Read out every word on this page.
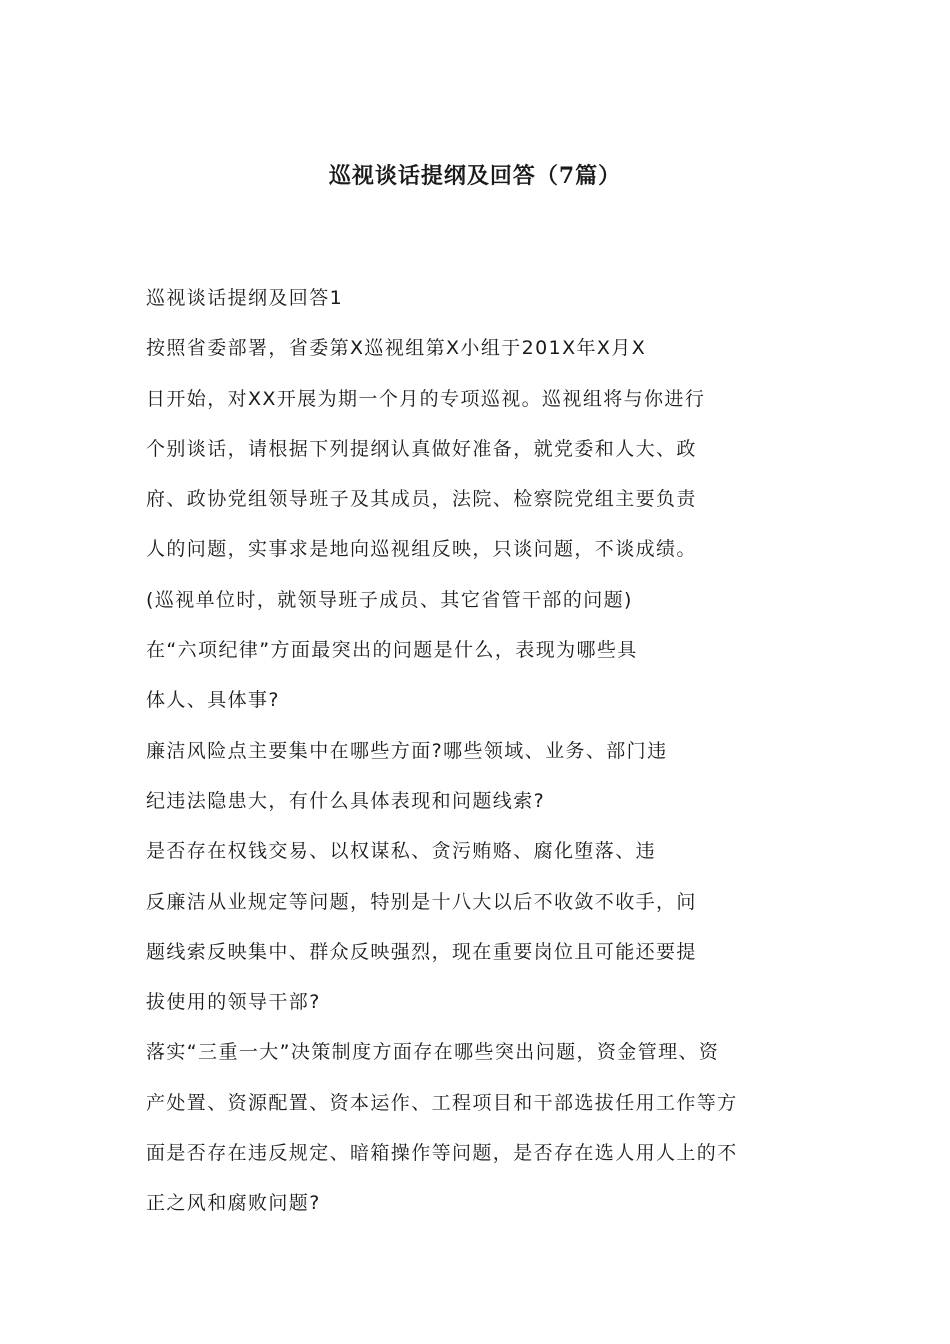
巡视谈话提纲及回答（7篇）
巡视谈话提纲及回答1
按照省委部署，省委第X巡视组第X小组于201X年X月X
日开始，对XX开展为期一个月的专项巡视。巡视组将与你进行
个别谈话，请根据下列提纲认真做好准备，就党委和人大、政
府、政协党组领导班子及其成员，法院、检察院党组主要负责
人的问题，实事求是地向巡视组反映，只谈问题，不谈成绩。
(巡视单位时，就领导班子成员、其它省管干部的问题)
在“六项纪律”方面最突出的问题是什么，表现为哪些具
体人、具体事?
廉洁风险点主要集中在哪些方面?哪些领域、业务、部门违
纪违法隐患大，有什么具体表现和问题线索?
是否存在权钱交易、以权谋私、贪污贿赂、腐化堕落、违
反廉洁从业规定等问题，特别是十八大以后不收敛不收手，问
题线索反映集中、群众反映强烈，现在重要岗位且可能还要提
拔使用的领导干部?
落实“三重一大”决策制度方面存在哪些突出问题，资金管理、资
产处置、资源配置、资本运作、工程项目和干部选拔任用工作等方
面是否存在违反规定、暗箱操作等问题，是否存在选人用人上的不
正之风和腐败问题?
